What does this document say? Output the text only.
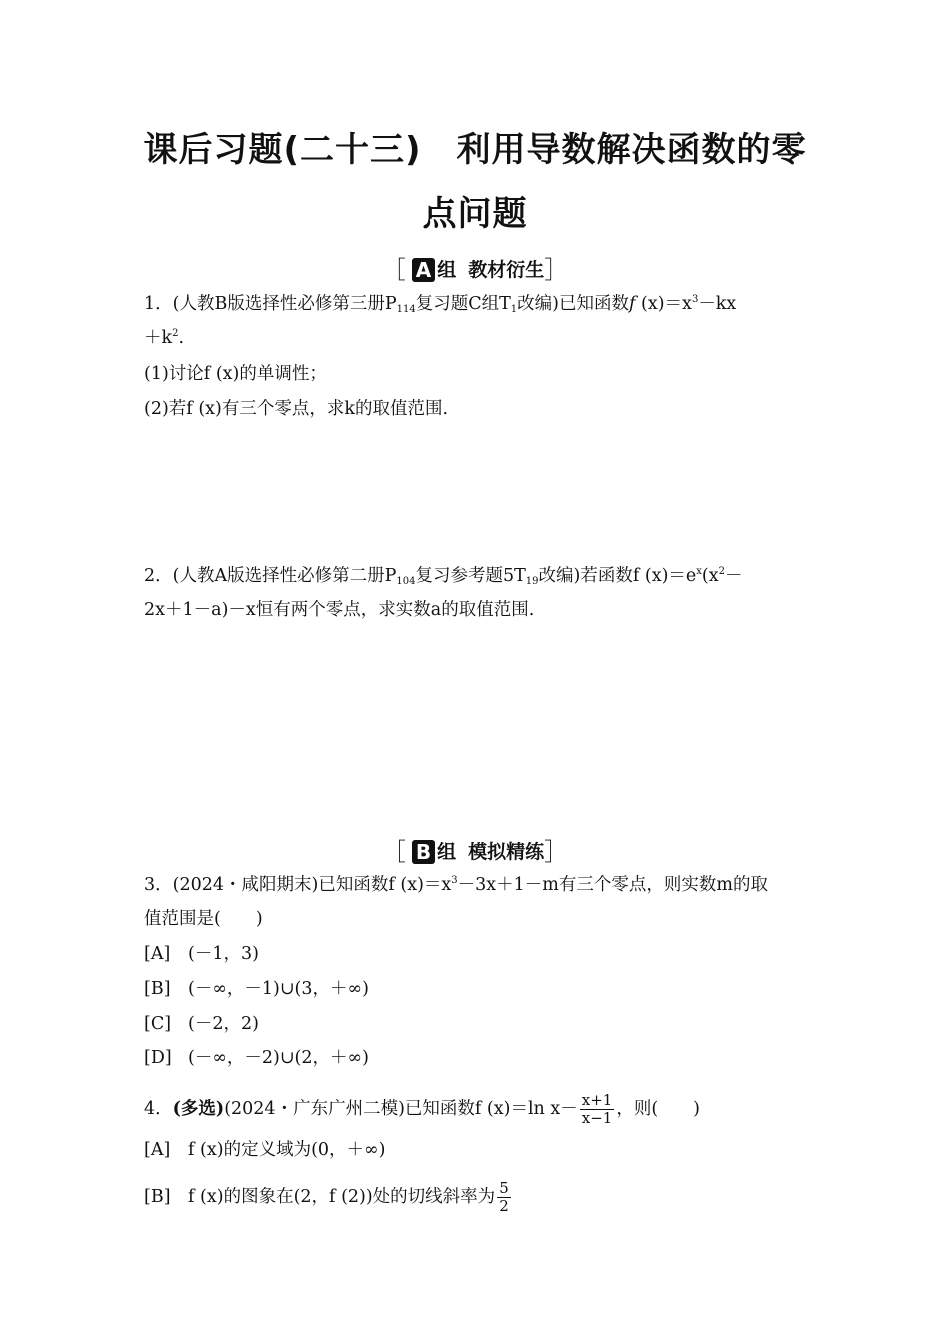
课后习题(二十三)　利用导数解决函数的零
点问题
［ A 组 教材衍生］
1．(人教B版选择性必修第三册$P_{114}$复习题C组$T_1$改编)已知函数f $(x)=x^3-kx$
$+k^2$.
(1)讨论f (x)的单调性；
(2)若f (x)有三个零点，求k的取值范围.
2．(人教A版选择性必修第二册$P_{104}$复习参考题$5T_{19}$改编)若函数f $(x)=e^x(x^2-$
2x＋1－a)－x恒有两个零点，求实数a的取值范围.
［ B 组 模拟精练］
3．(2024・咸阳期末)已知函数f $(x)=x^3-3x+1-m$有三个零点，则实数m的取
值范围是(　　)
[A] (－1，3)
[B] (－∞，－1)∪(3，＋∞)
[C] (－2，2)
[D] (－∞，－2)∪(2，＋∞)
4．(多选)(2024・广东广州二模)已知函数f (x)＝ln $x- \frac{x+1}{x-1}$ ，则(　　)
[A] f (x)的定义域为(0，＋∞)
[B] f (x)的图象在(2，f (2))处的切线斜率为 $\frac{5}{2}$
